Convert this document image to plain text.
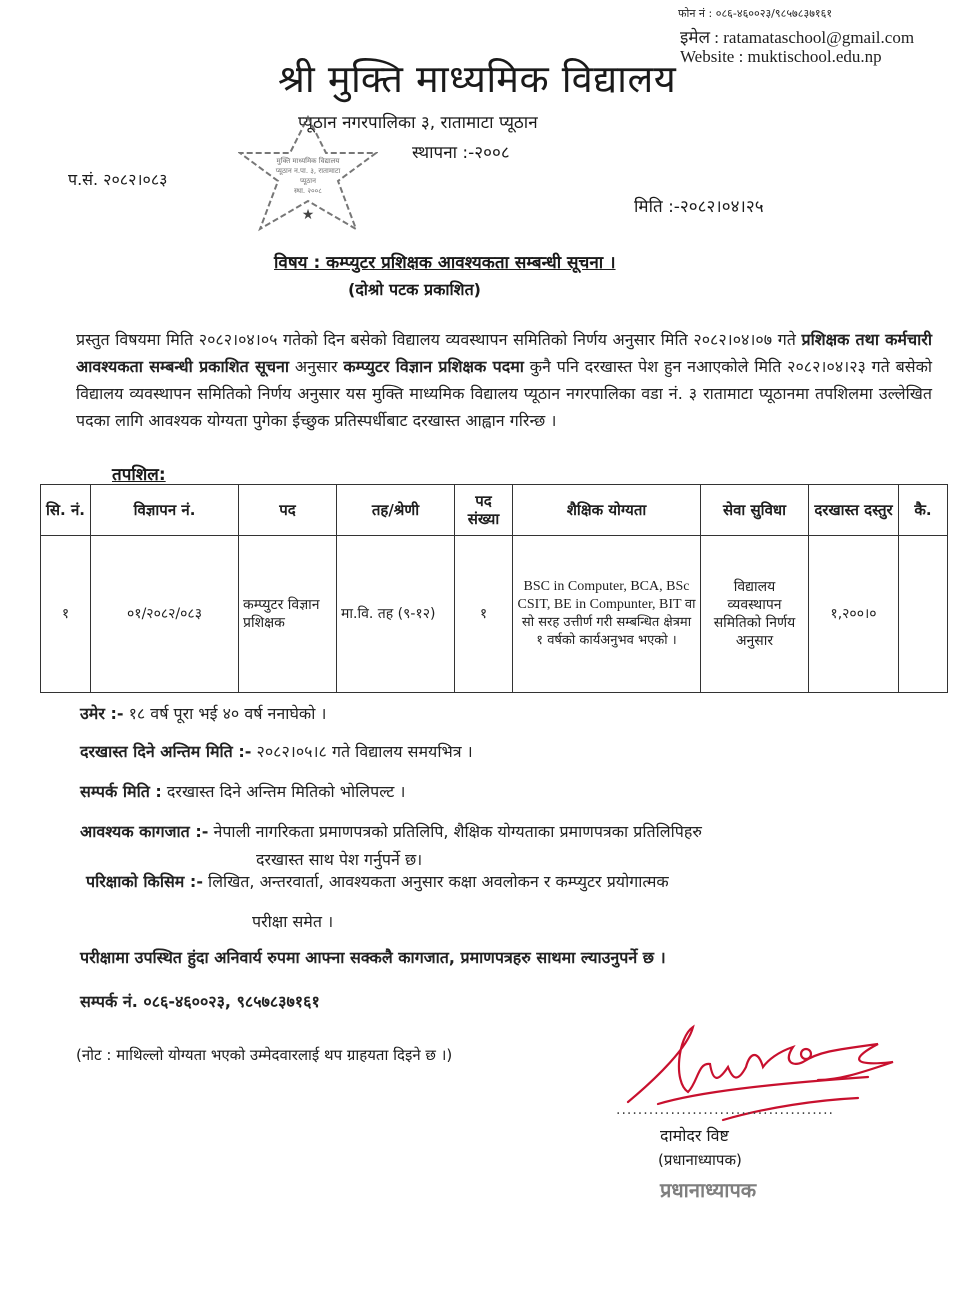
फोन नं : ०८६-४६००२३/९८५७८३७१६१
इमेल : ratamataschool@gmail.com
Website : muktischool.edu.np
श्री मुक्ति माध्यमिक विद्यालय
प्यूठान नगरपालिका ३, रातामाटा प्यूठान
स्थापना :-२००८
प.सं. २०८२।०८३
मिति :-२०८२।०४।२५
मुक्ति माध्यमिक विद्यालय
प्यूठान न.पा. ३, रातामाटा
प्यूठान
स्था. २००८
★
विषय : कम्प्युटर प्रशिक्षक आवश्यकता सम्बन्धी सूचना ।
(दोश्रो पटक प्रकाशित)
प्रस्तुत विषयमा मिति २०८२।०४।०५ गतेको दिन बसेको विद्यालय व्यवस्थापन समितिको निर्णय अनुसार मिति २०८२।०४।०७ गते प्रशिक्षक तथा कर्मचारी आवश्यकता सम्बन्धी प्रकाशित सूचना अनुसार कम्प्युटर विज्ञान प्रशिक्षक पदमा कुनै पनि दरखास्त पेश हुन नआएकोले मिति २०८२।०४।२३ गते बसेको विद्यालय व्यवस्थापन समितिको निर्णय अनुसार यस मुक्ति माध्यमिक विद्यालय प्यूठान नगरपालिका वडा नं. ३ रातामाटा प्यूठानमा तपशिलमा उल्लेखित पदका लागि आवश्यक योग्यता पुगेका ईच्छुक प्रतिस्पर्धीबाट दरखास्त आह्वान गरिन्छ ।
तपशिल:
सि. नं.	विज्ञापन नं.	पद	तह/श्रेणी	पद संख्या	शैक्षिक योग्यता	सेवा सुविधा	दरखास्त दस्तुर	कै.
१	०१/२०८२/०८३	कम्प्युटर विज्ञान प्रशिक्षक	मा.वि. तह (९-१२)	१	BSC in Computer, BCA, BSc CSIT, BE in Compunter, BIT वा सो सरह उत्तीर्ण गरी सम्बन्धित क्षेत्रमा १ वर्षको कार्यअनुभव भएको ।	विद्यालय व्यवस्थापन समितिको निर्णय अनुसार	१,२००।०	
उमेर :- १८ वर्ष पूरा भई ४० वर्ष ननाघेको ।
दरखास्त दिने अन्तिम मिति :- २०८२।०५।८ गते विद्यालय समयभित्र ।
सम्पर्क मिति : दरखास्त दिने अन्तिम मितिको भोलिपल्ट ।
आवश्यक कागजात :- नेपाली नागरिकता प्रमाणपत्रको प्रतिलिपि, शैक्षिक योग्यताका प्रमाणपत्रका प्रतिलिपिहरु
दरखास्त साथ पेश गर्नुपर्ने छ।
परिक्षाको किसिम :- लिखित, अन्तरवार्ता, आवश्यकता अनुसार कक्षा अवलोकन र कम्प्युटर प्रयोगात्मक
परीक्षा समेत ।
परीक्षामा उपस्थित हुंदा अनिवार्य रुपमा आफ्ना सक्कलै कागजात, प्रमाणपत्रहरु साथमा ल्याउनुपर्ने छ ।
सम्पर्क नं. ०८६-४६००२३, ९८५७८३७१६१
(नोट : माथिल्लो योग्यता भएको उम्मेदवारलाई थप ग्राहयता दिइने छ ।)
........................................
दामोदर विष्ट
(प्रधानाध्यापक)
प्रधानाध्यापक
